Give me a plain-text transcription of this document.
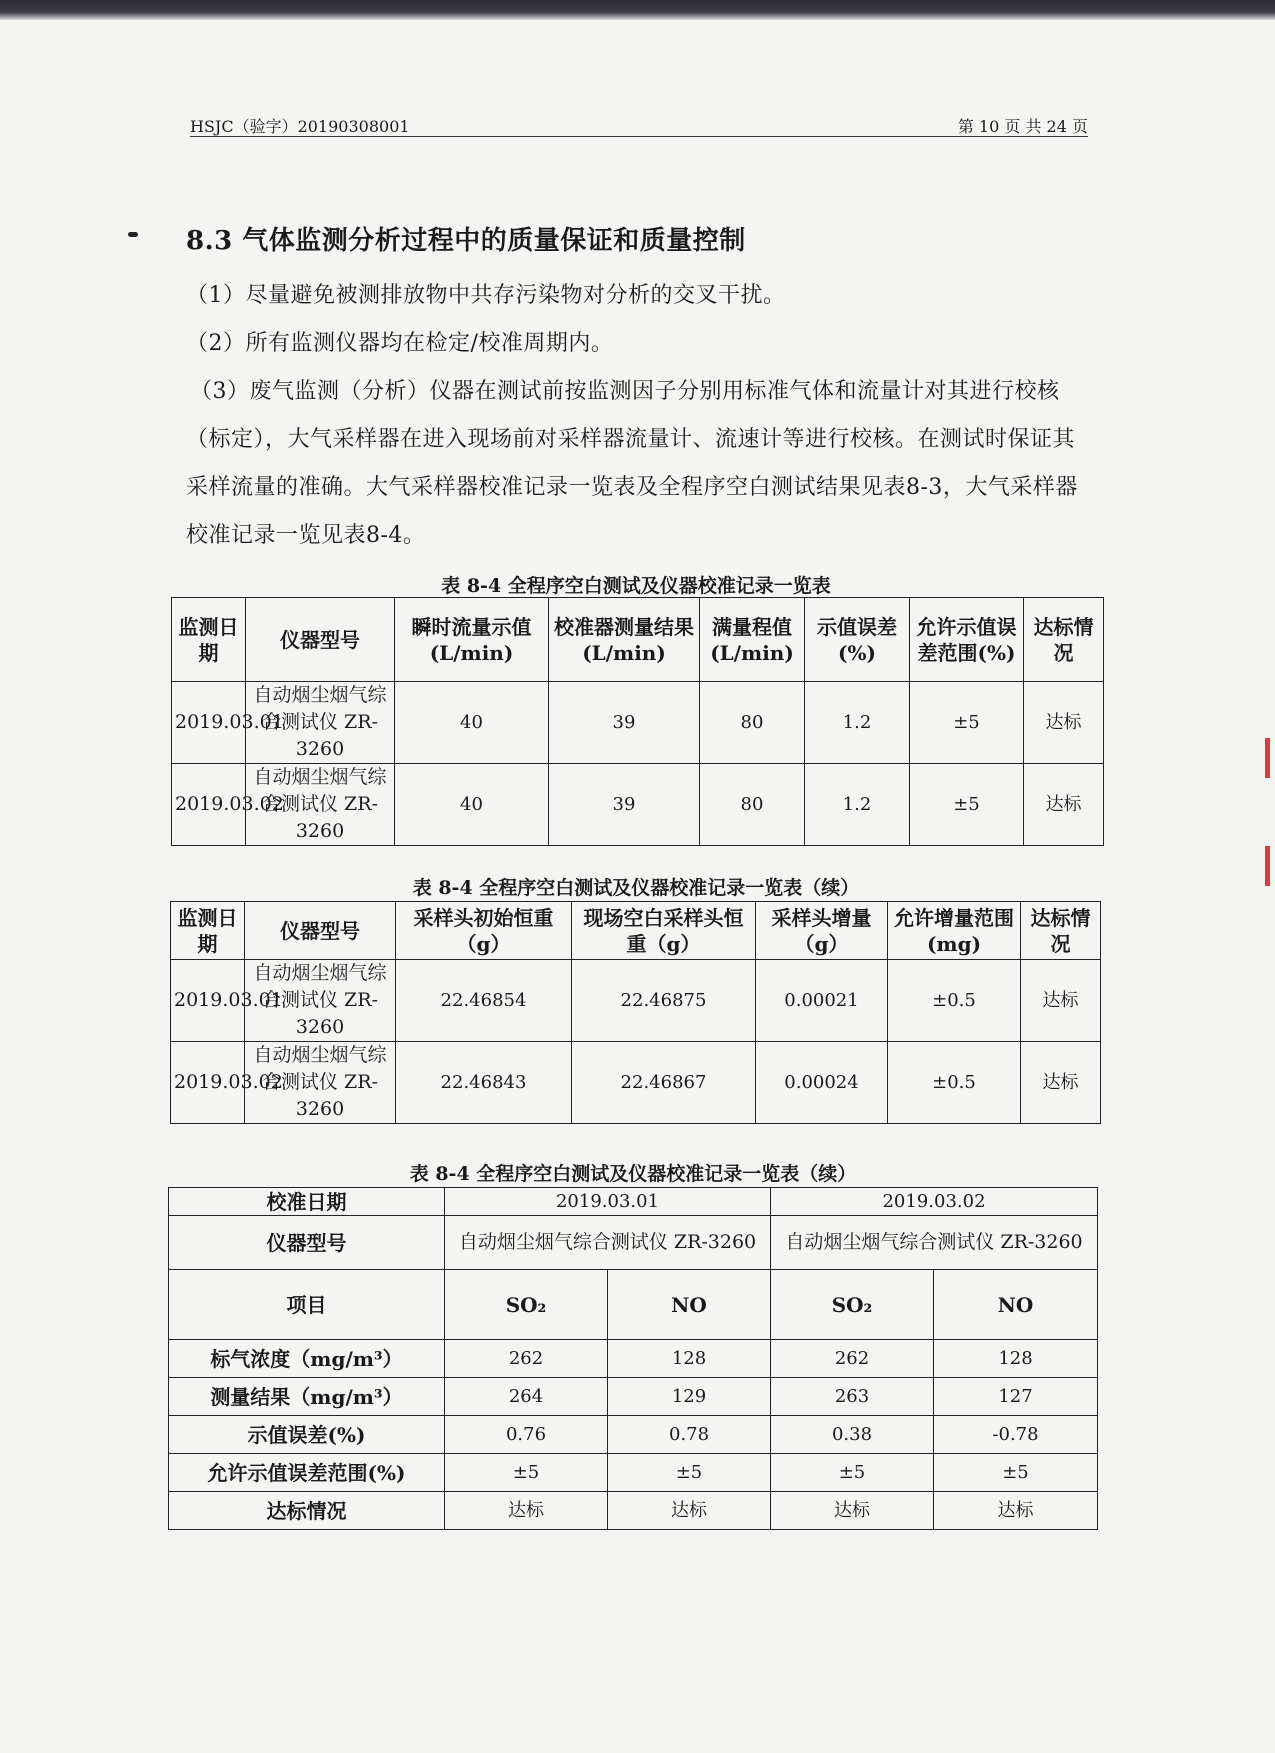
HSJC（验字）20190308001	第 10 页 共 24 页
8.3 气体监测分析过程中的质量保证和质量控制
（1）尽量避免被测排放物中共存污染物对分析的交叉干扰。
（2）所有监测仪器均在检定/校准周期内。
（3）废气监测（分析）仪器在测试前按监测因子分别用标准气体和流量计对其进行校核（标定），大气采样器在进入现场前对采样器流量计、流速计等进行校核。在测试时保证其采样流量的准确。大气采样器校准记录一览表及全程序空白测试结果见表8-3，大气采样器校准记录一览见表8-4。
表 8-4 全程序空白测试及仪器校准记录一览表
监测日期	仪器型号	瞬时流量示值(L/min)	校准器测量结果(L/min)	满量程值(L/min)	示值误差(%)	允许示值误差范围(%)	达标情况
2019.03.01	自动烟尘烟气综合测试仪 ZR-3260	40	39	80	1.2	±5	达标
2019.03.02	自动烟尘烟气综合测试仪 ZR-3260	40	39	80	1.2	±5	达标
表 8-4 全程序空白测试及仪器校准记录一览表（续）
监测日期	仪器型号	采样头初始恒重（g）	现场空白采样头恒重（g）	采样头增量（g）	允许增量范围(mg)	达标情况
2019.03.01	自动烟尘烟气综合测试仪 ZR-3260	22.46854	22.46875	0.00021	±0.5	达标
2019.03.02	自动烟尘烟气综合测试仪 ZR-3260	22.46843	22.46867	0.00024	±0.5	达标
表 8-4 全程序空白测试及仪器校准记录一览表（续）
校准日期	2019.03.01		2019.03.02	
仪器型号	自动烟尘烟气综合测试仪 ZR-3260		自动烟尘烟气综合测试仪 ZR-3260	
项目	SO₂	NO	SO₂	NO
标气浓度（mg/m³）	262	128	262	128
测量结果（mg/m³）	264	129	263	127
示值误差(%)	0.76	0.78	0.38	-0.78
允许示值误差范围(%)	±5	±5	±5	±5
达标情况	达标	达标	达标	达标
